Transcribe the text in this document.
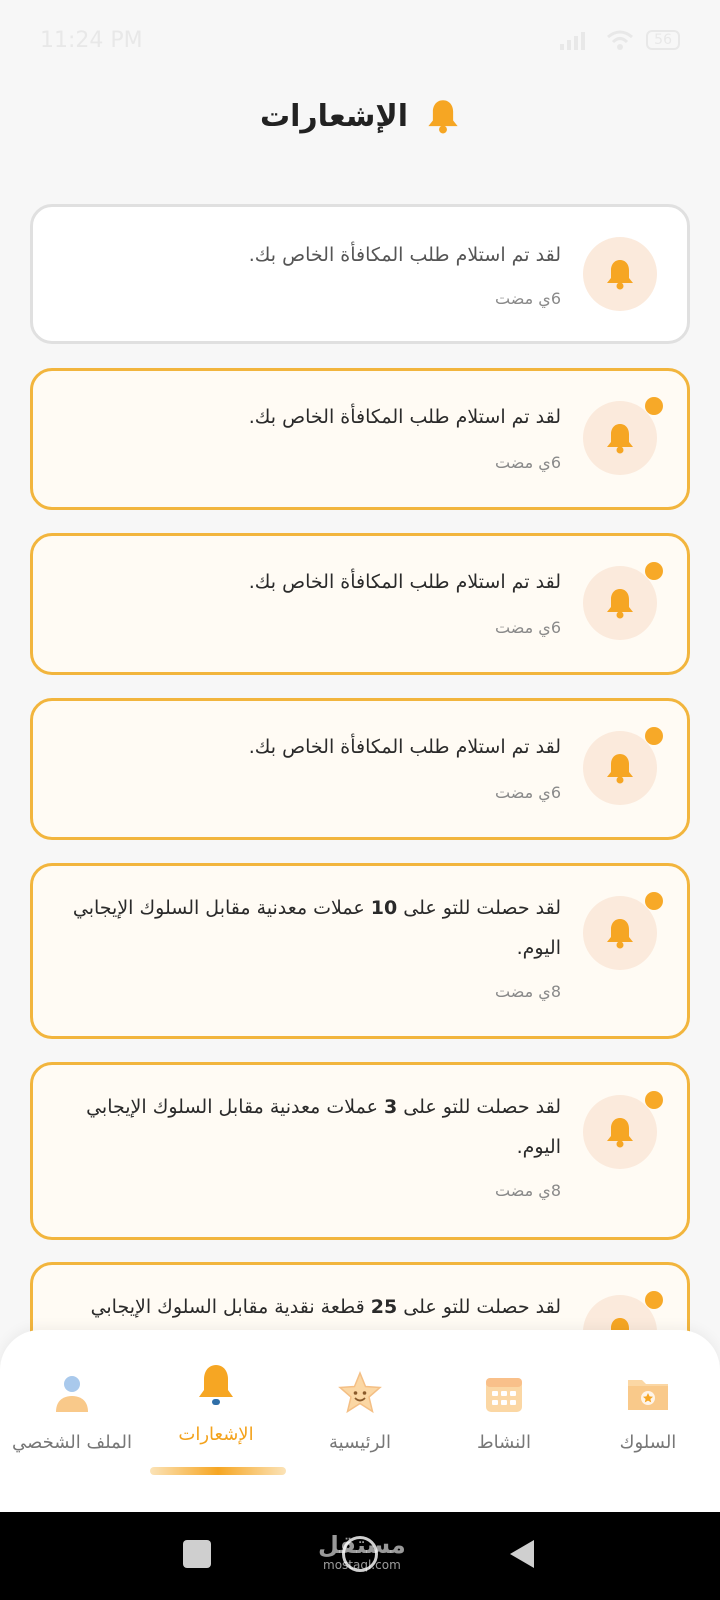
11:24 PM	56
الإشعارات
لقد تم استلام طلب المكافأة الخاص بك.
6ي مضت
لقد تم استلام طلب المكافأة الخاص بك.
6ي مضت
لقد تم استلام طلب المكافأة الخاص بك.
6ي مضت
لقد تم استلام طلب المكافأة الخاص بك.
6ي مضت
لقد حصلت للتو على 10 عملات معدنية مقابل السلوك الإيجابي اليوم.
8ي مضت
لقد حصلت للتو على 3 عملات معدنية مقابل السلوك الإيجابي اليوم.
8ي مضت
لقد حصلت للتو على 25 قطعة نقدية مقابل السلوك الإيجابي
السلوك
النشاط
الرئيسية
الإشعارات
الملف الشخصي
مستقل
mostaql.com
